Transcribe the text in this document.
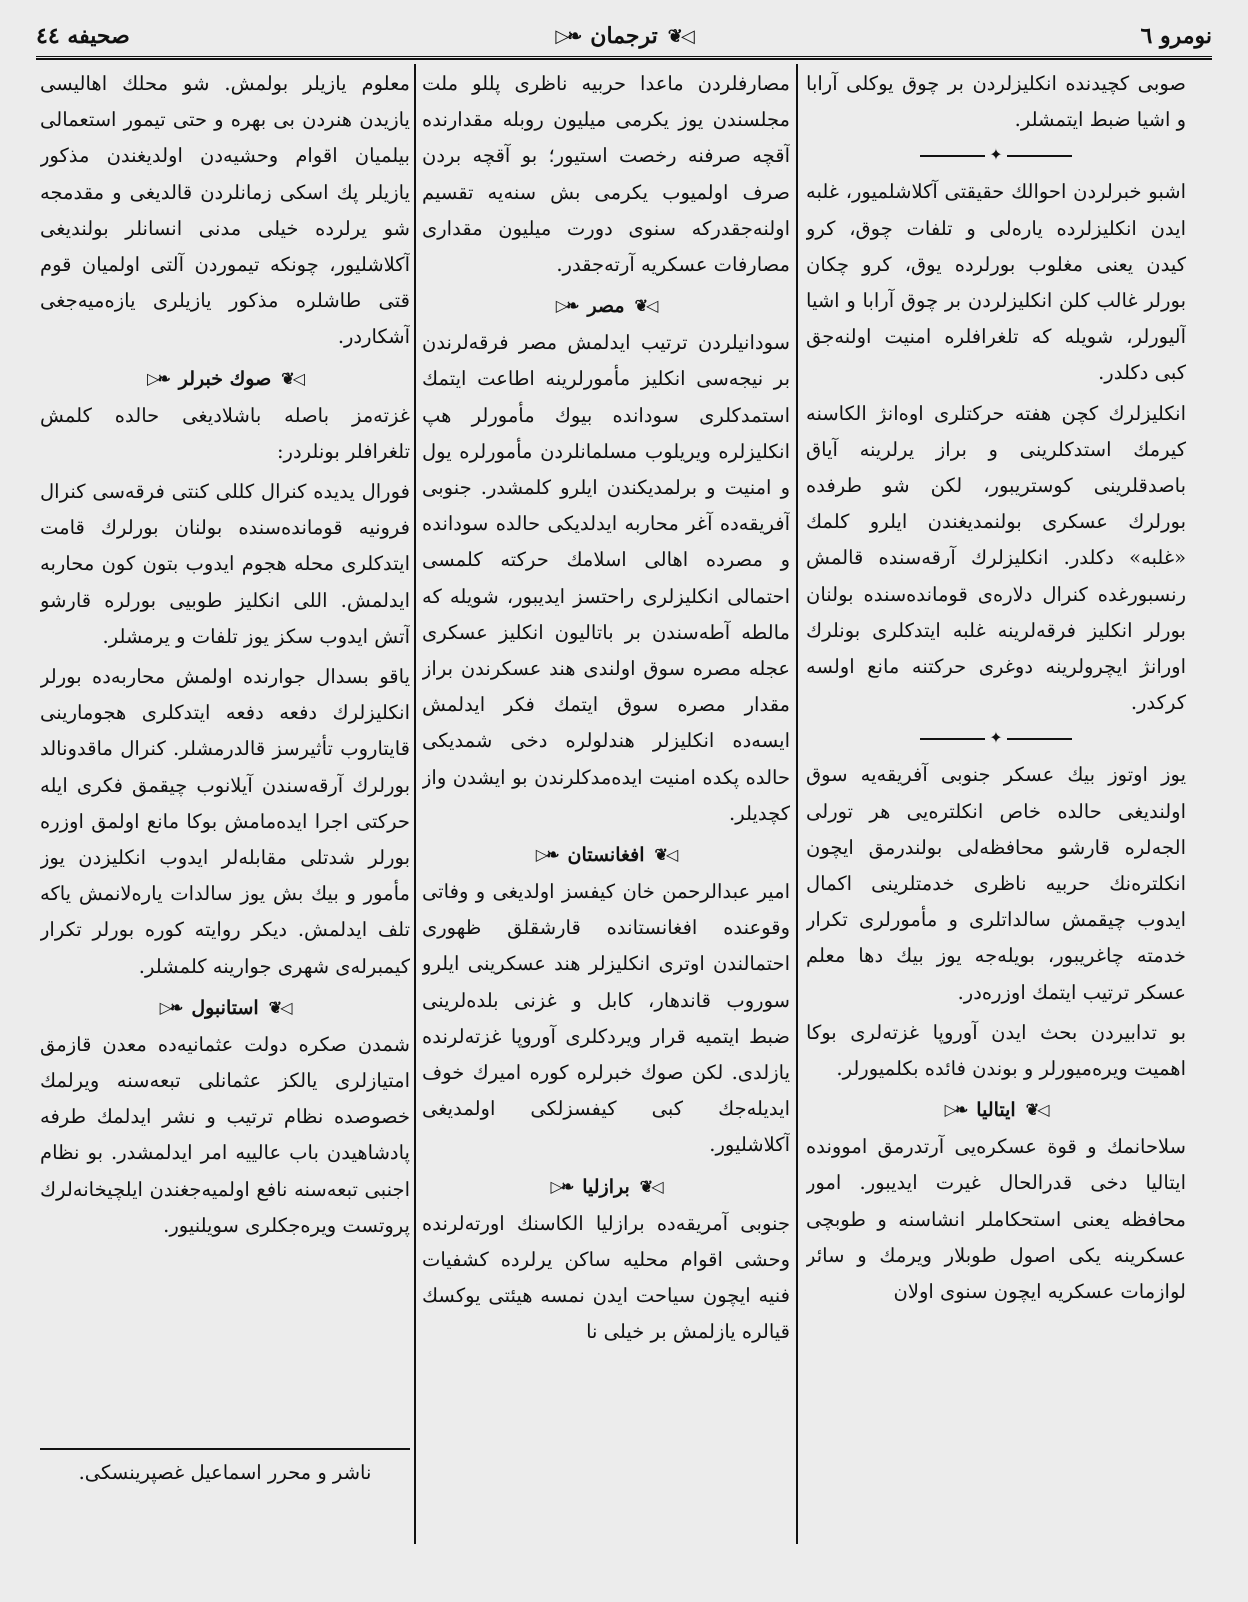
نومرو ٦
◁❦
ترجمان
❧▷
صحیفه ٤٤

صوبی کچیدنده انکلیزلردن بر چوق یوکلی آرابا و اشیا ضبط ایتمشلر.

✦

اشبو خبرلردن احوالك حقیقتی آکلاشلمیور، غلبه ایدن انکلیزلرده یارەلی و تلفات چوق، کرو کیدن یعنی مغلوب بورلرده یوق، کرو چکان بورلر غالب کلن انکلیزلردن بر چوق آرابا و اشیا آلیورلر، شویله که تلغرافلره امنیت اولنەجق کبی دکلدر.

انکلیزلرك کچن هفته حرکتلری اوەانژ الکاسنه کیرمك استدکلرینی و براز یرلرینه آیاق باصدقلرینی کوستریبور، لکن شو طرفده بورلرك عسکری بولنمدیغندن ایلرو کلمك «غلبه» دکلدر. انکلیزلرك آرقەسنده قالمش رنسبورغده کنرال دلارەی قوماندەسنده بولنان بورلر انکلیز فرقەلرینه غلبه ایتدکلری بونلرك اورانژ ایچرولرینه دوغری حرکتنه مانع اولسه کرکدر.

✦

یوز اوتوز بیك عسکر جنوبی آفریقەیه سوق اولندیغی حالده خاص انکلترەیی هر تورلی الجەلره قارشو محافظەلی بولندرمق ایچون انکلترەنك حربیه ناظری خدمتلرینی اکمال ایدوب چیقمش سالداتلری و مأمورلری تکرار خدمته چاغریبور، بویلەجه یوز بیك دها معلم عسکر ترتیب ایتمك اوزرەدر.

بو تدابیردن بحث ایدن آوروپا غزتەلری بوکا اهمیت ویرەمیورلر و بوندن فائده بکلمیورلر.

◁❦
ایتالیا
❧▷

سلاحانمك و قوة عسکرەیی آرتدرمق اموونده ایتالیا دخی قدرالحال غیرت ایدیبور. امور محافظه یعنی استحکاملر انشاسنه و طوبچی عسکرینه یکی اصول طوبلار ویرمك و سائر لوازمات عسکریه ایچون سنوی اولان

مصارفلردن ماعدا حربیه ناظری پللو ملت مجلسندن یوز یکرمی میلیون روبله مقدارنده آقچه صرفنه رخصت استیور؛ بو آقچه بردن صرف اولمیوب یکرمی بش سنەیه تقسیم اولنەجقدرکه سنوی دورت میلیون مقداری مصارفات عسکریه آرتەجقدر.

◁❦
مصر
❧▷

سودانیلردن ترتیب ایدلمش مصر فرقەلرندن بر نیجەسی انکلیز مأمورلرینه اطاعت ایتمك استمدکلری سودانده بیوك مأمورلر هپ انکلیزلره ویریلوب مسلمانلردن مأمورلره یول و امنیت و برلمدیکندن ایلرو کلمشدر. جنوبی آفریقەده آغر محاربه ایدلدیکی حالده سودانده و مصرده اهالی اسلامك حرکته کلمسی احتمالی انکلیزلری راحتسز ایدیبور، شویله که مالطه آطەسندن بر باتالیون انکلیز عسکری عجله مصره سوق اولندی هند عسکرندن براز مقدار مصره سوق ایتمك فکر ایدلمش ایسەده انکلیزلر هندلولره دخی شمدیکی حالده پکده امنیت ایدەمدکلرندن بو ایشدن واز کچدیلر.

◁❦
افغانستان
❧▷

امیر عبدالرحمن خان کیفسز اولدیغی و وفاتی وقوعنده افغانستانده قارشقلق ظهوری احتمالندن اوتری انکلیزلر هند عسکرینی ایلرو سوروب قاندهار، کابل و غزنی بلدەلرینی ضبط ایتمیه قرار ویردکلری آوروپا غزتەلرنده یازلدی. لکن صوك خبرلره کوره امیرك خوف ایدیلەجك کبی کیفسزلکی اولمدیغی آکلاشلیور.

◁❦
برازلیا
❧▷

جنوبی آمریقەده برازلیا الکاسنك اورتەلرنده وحشی اقوام محلیه ساکن یرلرده کشفیات فنیه ایچون سیاحت ایدن نمسه هیئتی یوکسك قیالره یازلمش بر خیلی نا

معلوم یازیلر بولمش. شو محلك اهالیسی یازیدن هنردن بی بهره و حتی تیمور استعمالی بیلمیان اقوام وحشیەدن اولدیغندن مذکور یازیلر پك اسکی زمانلردن قالدیغی و مقدمجه شو یرلرده خیلی مدنی انسانلر بولندیغی آکلاشلیور، چونکه تیموردن آلتی اولمیان قوم قتی طاشلره مذکور یازیلری یازەمیەجغی آشکاردر.

◁❦
صوك خبرلر
❧▷

غزتەمز باصله باشلادیغی حالده کلمش تلغرافلر بونلردر:

فورال یدیده کنرال کللی کنتی فرقەسی کنرال فرونیه قوماندەسنده بولنان بورلرك قامت ایتدکلری محله هجوم ایدوب بتون کون محاربه ایدلمش. اللی انکلیز طوبیی بورلره قارشو آتش ایدوب سکز یوز تلفات و یرمشلر.

یاقو بسدال جوارنده اولمش محاربەده بورلر انکلیزلرك دفعه دفعه ایتدکلری هجومارینی قایتاروب تأثیرسز قالدرمشلر. کنرال ماقدونالد بورلرك آرقەسندن آیلانوب چیقمق فکری ایله حرکتی اجرا ایدەمامش بوکا مانع اولمق اوزره بورلر شدتلی مقابلەلر ایدوب انکلیزدن یوز مأمور و بیك بش یوز سالدات یارەلانمش یاکه تلف ایدلمش. دیکر روایته کوره بورلر تکرار کیمبرلەی شهری جوارینه کلمشلر.

◁❦
استانبول
❧▷

شمدن صکره دولت عثمانیەده معدن قازمق امتیازلری یالکز عثمانلی تبعەسنه ویرلمك خصوصده نظام ترتیب و نشر ایدلمك طرفه پادشاهیدن باب عالییه امر ایدلمشدر. بو نظام اجنبی تبعەسنه نافع اولمیەجغندن ایلچیخانەلرك پروتست ویرەجکلری سویلنیور.

ناشر و محرر اسماعیل غصپرینسکی.
